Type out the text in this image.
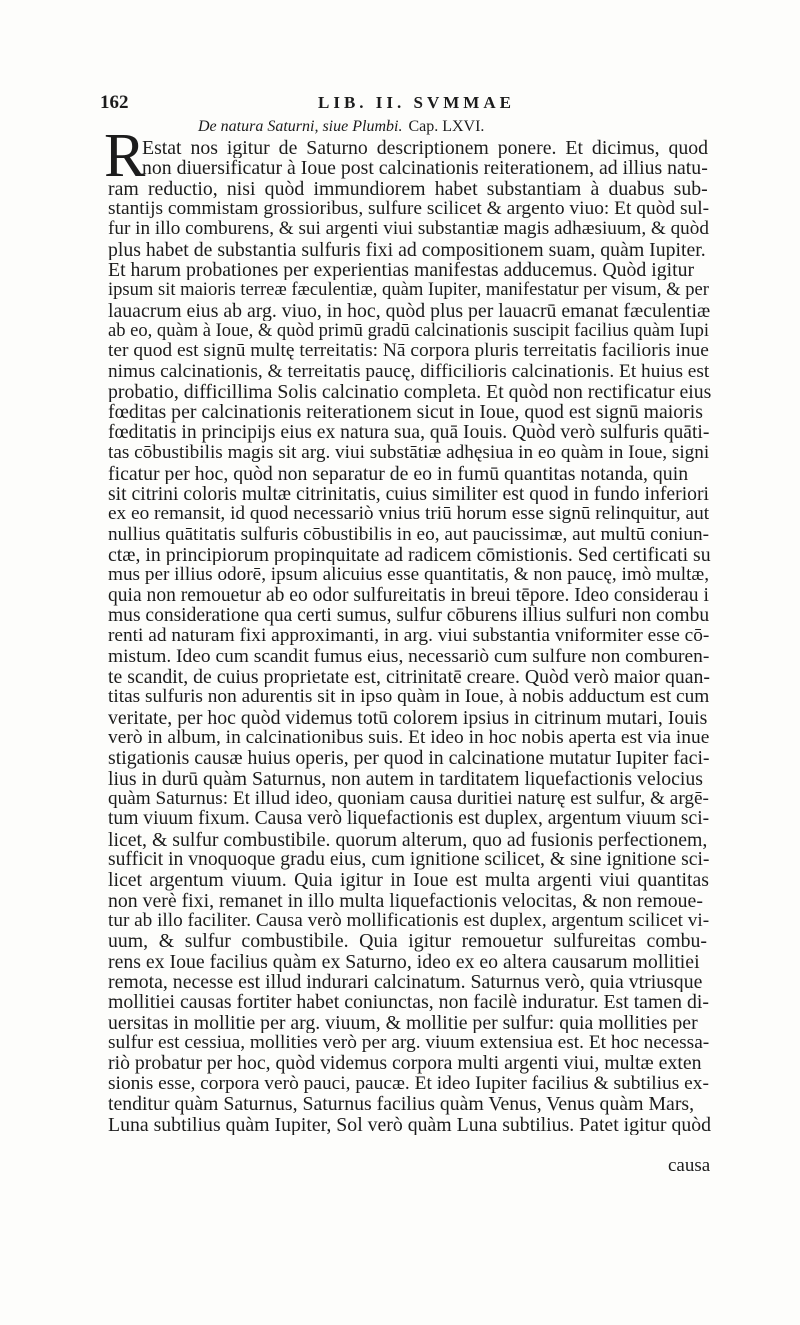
162	LIB. II. SVMMAE
De natura Saturni, siue Plumbi. Cap. LXVI.
R
Estat nos igitur de Saturno descriptionem ponere. Et dicimus, quod
non diuersificatur à Ioue post calcinationis reiterationem, ad illius natu-
ram reductio, nisi quòd immundiorem habet substantiam à duabus sub-
stantijs commistam grossioribus, sulfure scilicet & argento viuo: Et quòd sul-
fur in illo comburens, & sui argenti viui substantiæ magis adhæsiuum, & quòd
plus habet de substantia sulfuris fixi ad compositionem suam, quàm Iupiter.
Et harum probationes per experientias manifestas adducemus. Quòd igitur
ipsum sit maioris terreæ fæculentiæ, quàm Iupiter, manifestatur per visum, & per
lauacrum eius ab arg. viuo, in hoc, quòd plus per lauacrū emanat fæculentiæ
ab eo, quàm à Ioue, & quòd primū gradū calcinationis suscipit facilius quàm Iupi
ter quod est signū multę terreitatis: Nā corpora pluris terreitatis facilioris inue
nimus calcinationis, & terreitatis paucę, difficilioris calcinationis. Et huius est
probatio, difficillima Solis calcinatio completa. Et quòd non rectificatur eius
fœditas per calcinationis reiterationem sicut in Ioue, quod est signū maioris
fœditatis in principijs eius ex natura sua, quā Iouis. Quòd verò sulfuris quāti-
tas cōbustibilis magis sit arg. viui substātiæ adhęsiua in eo quàm in Ioue, signi
ficatur per hoc, quòd non separatur de eo in fumū quantitas notanda, quin
sit citrini coloris multæ citrinitatis, cuius similiter est quod in fundo inferiori
ex eo remansit, id quod necessariò vnius triū horum esse signū relinquitur, aut
nullius quātitatis sulfuris cōbustibilis in eo, aut paucissimæ, aut multū coniun-
ctæ, in principiorum propinquitate ad radicem cōmistionis. Sed certificati su
mus per illius odorē, ipsum alicuius esse quantitatis, & non paucę, imò multæ,
quia non remouetur ab eo odor sulfureitatis in breui tēpore. Ideo considerau i
mus consideratione qua certi sumus, sulfur cōburens illius sulfuri non combu
renti ad naturam fixi approximanti, in arg. viui substantia vniformiter esse cō-
mistum. Ideo cum scandit fumus eius, necessariò cum sulfure non comburen-
te scandit, de cuius proprietate est, citrinitatē creare. Quòd verò maior quan-
titas sulfuris non adurentis sit in ipso quàm in Ioue, à nobis adductum est cum
veritate, per hoc quòd videmus totū colorem ipsius in citrinum mutari, Iouis
verò in album, in calcinationibus suis. Et ideo in hoc nobis aperta est via inue
stigationis causæ huius operis, per quod in calcinatione mutatur Iupiter faci-
lius in durū quàm Saturnus, non autem in tarditatem liquefactionis velocius
quàm Saturnus: Et illud ideo, quoniam causa duritiei naturę est sulfur, & argē-
tum viuum fixum. Causa verò liquefactionis est duplex, argentum viuum sci-
licet, & sulfur combustibile. quorum alterum, quo ad fusionis perfectionem,
sufficit in vnoquoque gradu eius, cum ignitione scilicet, & sine ignitione sci-
licet argentum viuum. Quia igitur in Ioue est multa argenti viui quantitas
non verè fixi, remanet in illo multa liquefactionis velocitas, & non remoue-
tur ab illo faciliter. Causa verò mollificationis est duplex, argentum scilicet vi-
uum, & sulfur combustibile. Quia igitur remouetur sulfureitas combu-
rens ex Ioue facilius quàm ex Saturno, ideo ex eo altera causarum mollitiei
remota, necesse est illud indurari calcinatum. Saturnus verò, quia vtriusque
mollitiei causas fortiter habet coniunctas, non facilè induratur. Est tamen di-
uersitas in mollitie per arg. viuum, & mollitie per sulfur: quia mollities per
sulfur est cessiua, mollities verò per arg. viuum extensiua est. Et hoc necessa-
riò probatur per hoc, quòd videmus corpora multi argenti viui, multæ exten
sionis esse, corpora verò pauci, paucæ. Et ideo Iupiter facilius & subtilius ex-
tenditur quàm Saturnus, Saturnus facilius quàm Venus, Venus quàm Mars,
Luna subtilius quàm Iupiter, Sol verò quàm Luna subtilius. Patet igitur quòd
causa
